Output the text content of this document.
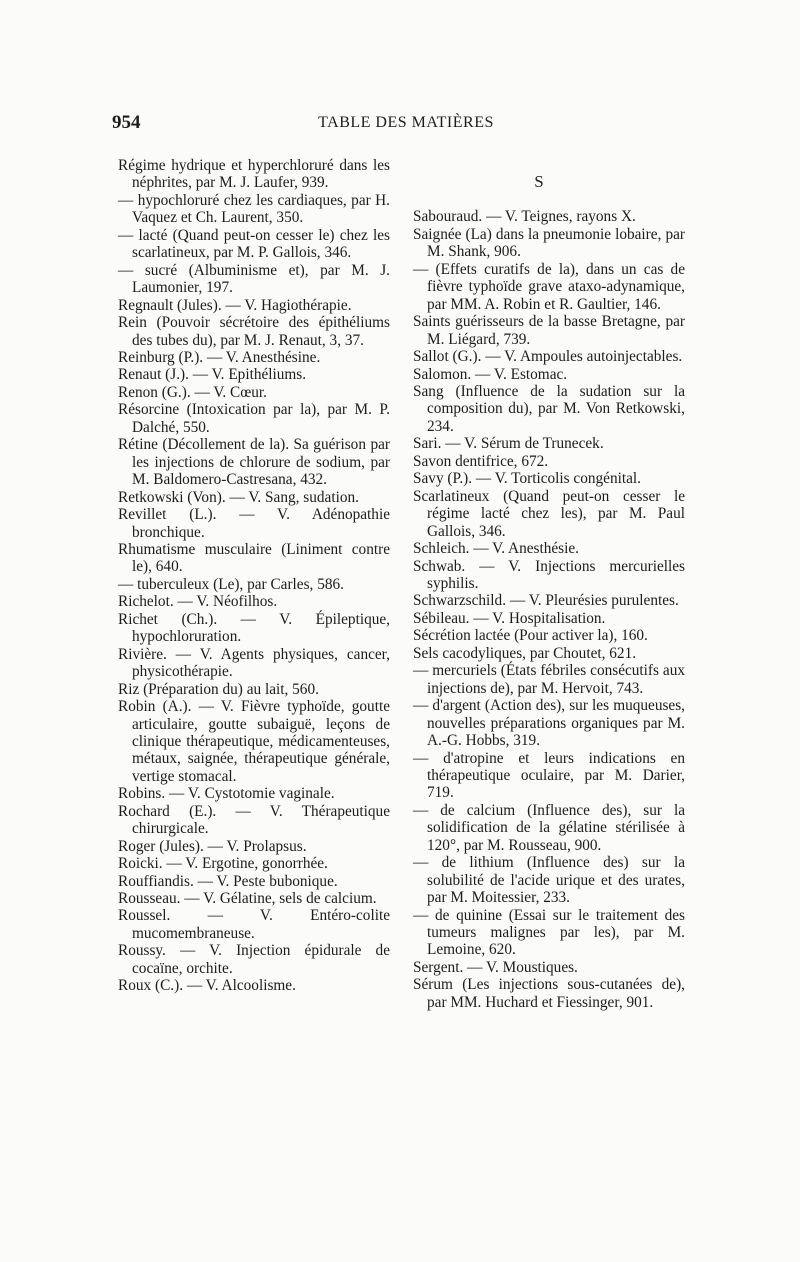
954	TABLE DES MATIÈRES

Régime hydrique et hyperchloruré dans les néphrites, par M. J. Laufer, 939.

— hypochloruré chez les cardiaques, par H. Vaquez et Ch. Laurent, 350.

— lacté (Quand peut-on cesser le) chez les scarlatineux, par M. P. Gallois, 346.

— sucré (Albuminisme et), par M. J. Laumonier, 197.

Regnault (Jules). — V. Hagiothérapie.

Rein (Pouvoir sécrétoire des épithéliums des tubes du), par M. J. Renaut, 3, 37.

Reinburg (P.). — V. Anesthésine.

Renaut (J.). — V. Epithéliums.

Renon (G.). — V. Cœur.

Résorcine (Intoxication par la), par M. P. Dalché, 550.

Rétine (Décollement de la). Sa guérison par les injections de chlorure de sodium, par M. Baldomero-Castresana, 432.

Retkowski (Von). — V. Sang, sudation.

Revillet (L.). — V. Adénopathie bronchique.

Rhumatisme musculaire (Liniment contre le), 640.

— tuberculeux (Le), par Carles, 586.

Richelot. — V. Néofilhos.

Richet (Ch.). — V. Épileptique, hypochloruration.

Rivière. — V. Agents physiques, cancer, physicothérapie.

Riz (Préparation du) au lait, 560.

Robin (A.). — V. Fièvre typhoïde, goutte articulaire, goutte subaiguë, leçons de clinique thérapeutique, médicamenteuses, métaux, saignée, thérapeutique générale, vertige stomacal.

Robins. — V. Cystotomie vaginale.

Rochard (E.). — V. Thérapeutique chirurgicale.

Roger (Jules). — V. Prolapsus.

Roicki. — V. Ergotine, gonorrhée.

Rouffiandis. — V. Peste bubonique.

Rousseau. — V. Gélatine, sels de calcium.

Roussel. — V. Entéro-colite mucomembraneuse.

Roussy. — V. Injection épidurale de cocaïne, orchite.

Roux (C.). — V. Alcoolisme.

S

Sabouraud. — V. Teignes, rayons X.

Saignée (La) dans la pneumonie lobaire, par M. Shank, 906.

— (Effets curatifs de la), dans un cas de fièvre typhoïde grave ataxo-adynamique, par MM. A. Robin et R. Gaultier, 146.

Saints guérisseurs de la basse Bretagne, par M. Liégard, 739.

Sallot (G.). — V. Ampoules autoinjectables.

Salomon. — V. Estomac.

Sang (Influence de la sudation sur la composition du), par M. Von Retkowski, 234.

Sari. — V. Sérum de Trunecek.

Savon dentifrice, 672.

Savy (P.). — V. Torticolis congénital.

Scarlatineux (Quand peut-on cesser le régime lacté chez les), par M. Paul Gallois, 346.

Schleich. — V. Anesthésie.

Schwab. — V. Injections mercurielles syphilis.

Schwarzschild. — V. Pleurésies purulentes.

Sébileau. — V. Hospitalisation.

Sécrétion lactée (Pour activer la), 160.

Sels cacodyliques, par Choutet, 621.

— mercuriels (États fébriles consécutifs aux injections de), par M. Hervoit, 743.

— d'argent (Action des), sur les muqueuses, nouvelles préparations organiques par M. A.-G. Hobbs, 319.

— d'atropine et leurs indications en thérapeutique oculaire, par M. Darier, 719.

— de calcium (Influence des), sur la solidification de la gélatine stérilisée à 120°, par M. Rousseau, 900.

— de lithium (Influence des) sur la solubilité de l'acide urique et des urates, par M. Moitessier, 233.

— de quinine (Essai sur le traitement des tumeurs malignes par les), par M. Lemoine, 620.

Sergent. — V. Moustiques.

Sérum (Les injections sous-cutanées de), par MM. Huchard et Fiessinger, 901.
